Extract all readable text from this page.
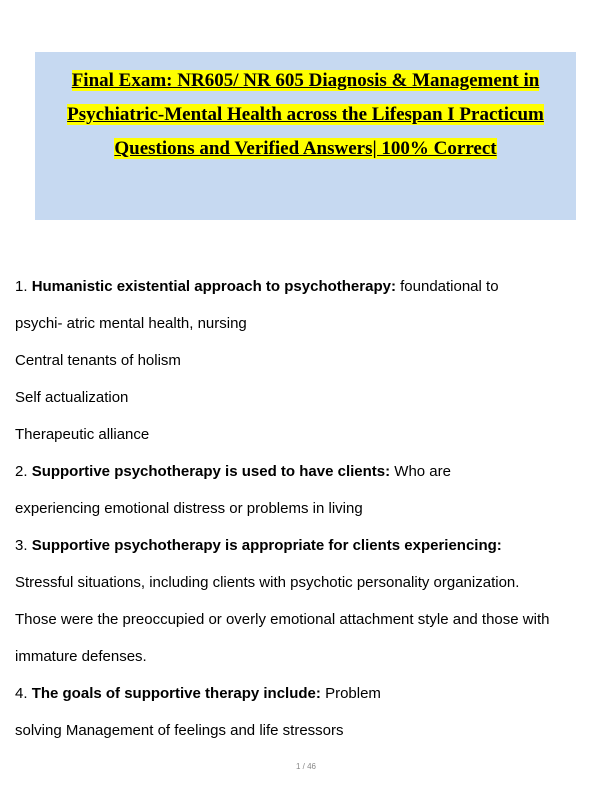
Final Exam: NR605/ NR 605 Diagnosis & Management in
Psychiatric-Mental Health across the Lifespan I Practicum
Questions and Verified Answers| 100% Correct
1. Humanistic existential approach to psychotherapy: foundational to
psychi- atric mental health, nursing
Central tenants of holism
Self actualization
Therapeutic alliance
2. Supportive psychotherapy is used to have clients: Who are
experiencing emotional distress or problems in living
3. Supportive psychotherapy is appropriate for clients experiencing:
Stressful situations, including clients with psychotic personality organization.
Those were the preoccupied or overly emotional attachment style and those with
immature defenses.
4. The goals of supportive therapy include: Problem
solving Management of feelings and life stressors
1 / 46
